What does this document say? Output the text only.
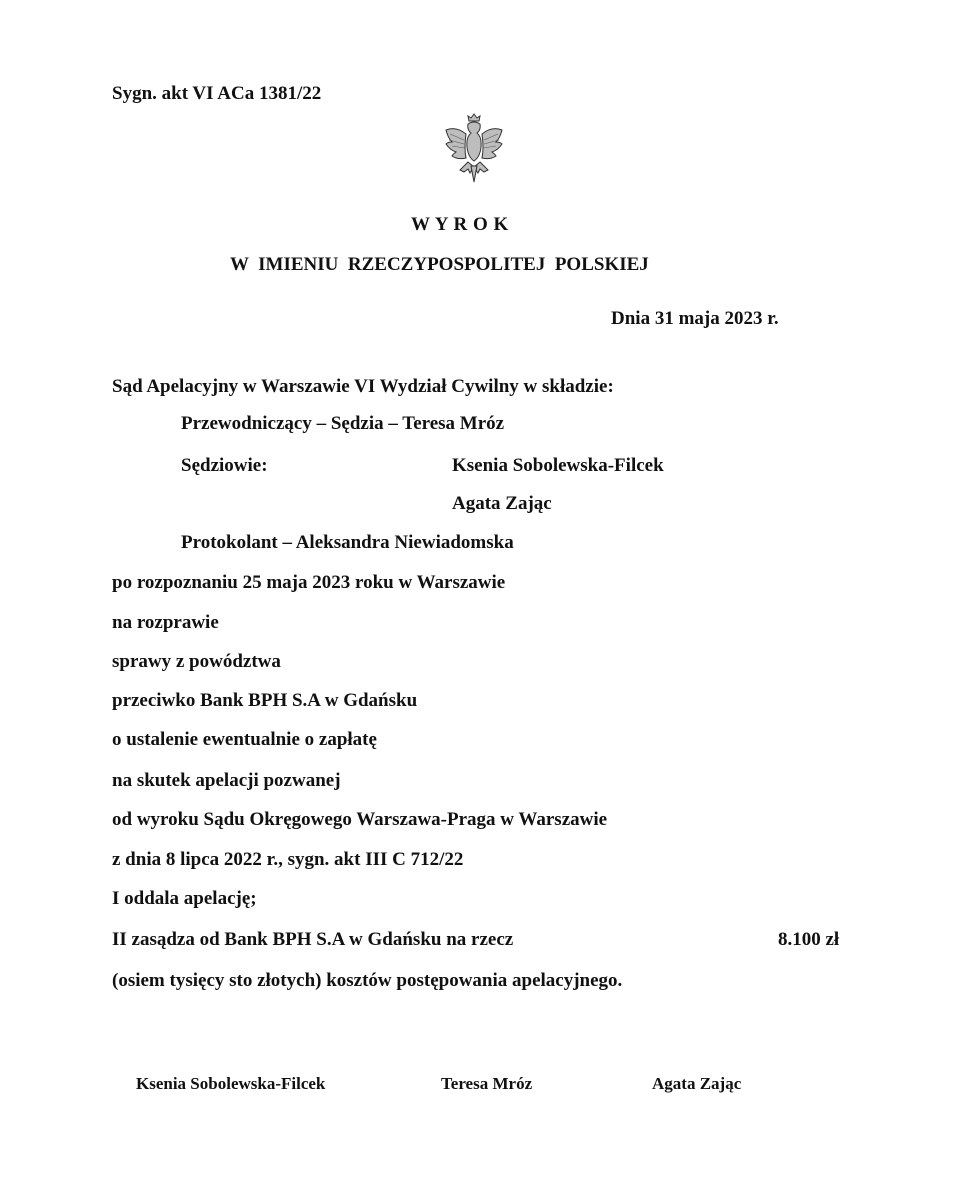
Sygn. akt VI ACa 1381/22
W Y R O K
W  IMIENIU  RZECZYPOSPOLITEJ  POLSKIEJ
Dnia 31 maja 2023 r.
Sąd Apelacyjny w Warszawie VI Wydział Cywilny w składzie:
Przewodniczący – Sędzia – Teresa Mróz
Sędziowie:	Ksenia Sobolewska-Filcek
Agata Zając
Protokolant – Aleksandra Niewiadomska
po rozpoznaniu 25 maja 2023 roku w Warszawie
na rozprawie
sprawy z powództwa
przeciwko Bank BPH S.A w Gdańsku
o ustalenie ewentualnie o zapłatę
na skutek apelacji pozwanej
od wyroku Sądu Okręgowego Warszawa-Praga w Warszawie
z dnia 8 lipca 2022 r., sygn. akt III C 712/22
I oddala apelację;
II zasądza od Bank BPH S.A w Gdańsku na rzecz	8.100 zł
(osiem tysięcy sto złotych) kosztów postępowania apelacyjnego.
Ksenia Sobolewska-Filcek	Teresa Mróz	Agata Zając
